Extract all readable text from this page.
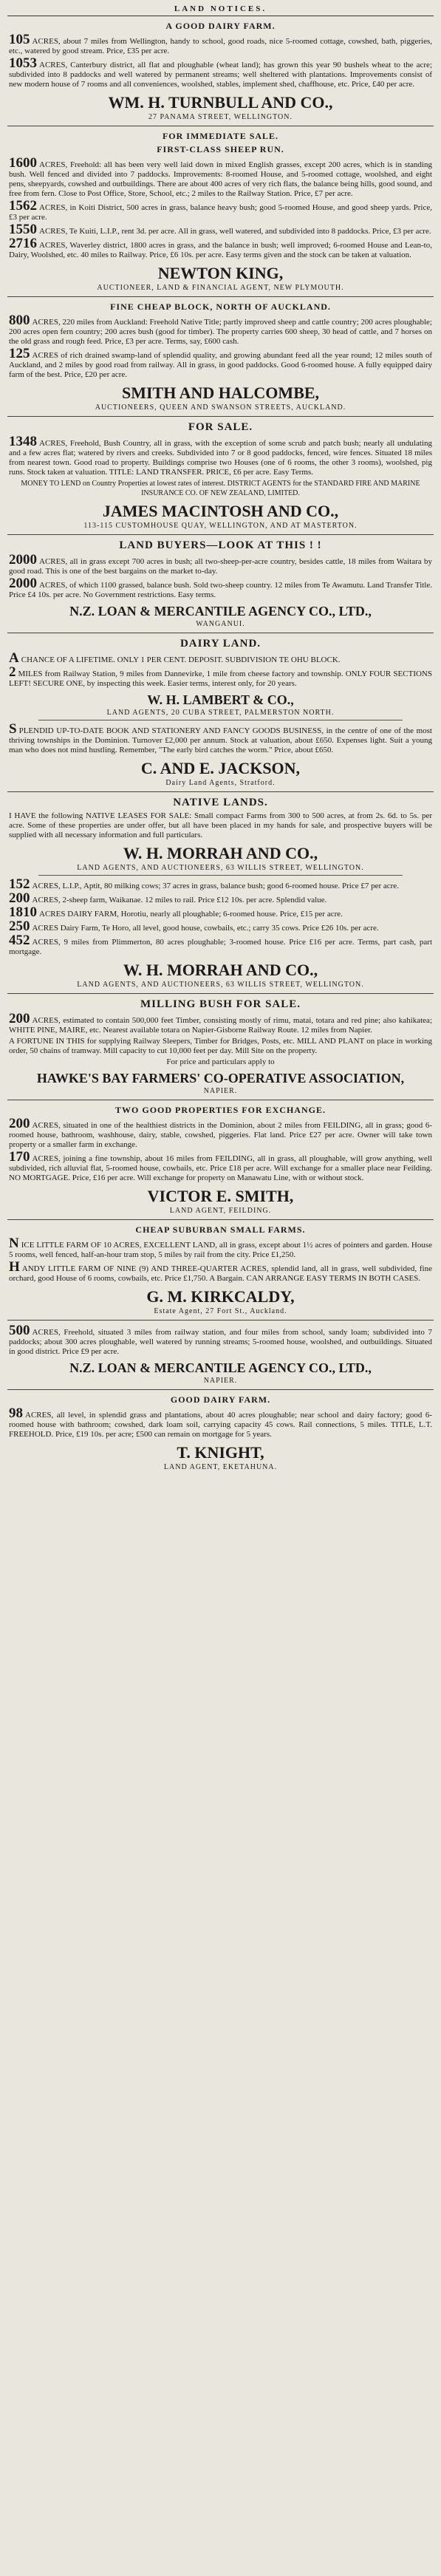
LAND NOTICES.
A GOOD DAIRY FARM.
105 ACRES, about 7 miles from Wellington, handy to school, good roads, nice 5-roomed cottage, cowshed, bath, piggeries, etc., watered by good stream. Price, £35 per acre.
1053 ACRES, Canterbury district, all flat and ploughable (wheat land); has grown this year 90 bushels wheat to the acre; subdivided into 8 paddocks and well watered by permanent streams; well sheltered with plantations. Improvements consist of new modern house of 7 rooms and all conveniences, woolshed, stables, implement shed, chaffhouse, etc. Price, £40 per acre.
WM. H. TURNBULL AND CO.,
27 PANAMA STREET, WELLINGTON.
FOR IMMEDIATE SALE.
FIRST-CLASS SHEEP RUN.
1600 ACRES, Freehold: all has been very well laid down in mixed English grasses, except 200 acres, which is in standing bush. Well fenced and divided into 7 paddocks. Improvements: 8-roomed House, and 5-roomed cottage, woolshed, and eight pens, sheepyards, cowshed and outbuildings. There are about 400 acres of very rich flats, the balance being hills, good sound, and free from fern. Close to Post Office, Store, School, etc.; 2 miles to the Railway Station. Price, £7 per acre.
1562 ACRES, in Koiti District, 500 acres in grass, balance heavy bush; good 5-roomed House, and good sheep yards. Price, £3 per acre.
1550 ACRES, Te Kuiti, L.I.P., rent 3d. per acre. All in grass, well watered, and subdivided into 8 paddocks. Price, £3 per acre.
2716 ACRES, Waverley district, 1800 acres in grass, and the balance in bush; well improved; 6-roomed House and Lean-to, Dairy, Woolshed, etc. 40 miles to Railway. Price, £6 10s. per acre. Easy terms given and the stock can be taken at valuation.
NEWTON KING,
AUCTIONEER, LAND & FINANCIAL AGENT, NEW PLYMOUTH.
FINE CHEAP BLOCK, NORTH OF AUCKLAND.
800 ACRES, 220 miles from Auckland: Freehold Native Title; partly improved sheep and cattle country; 200 acres ploughable; 200 acres open fern country; 200 acres bush (good for timber). The property carries 600 sheep, 30 head of cattle, and 7 horses on the old grass and rough feed. Price, £3 per acre. Terms, say, £600 cash.
125 ACRES of rich drained swamp-land of splendid quality, and growing abundant feed all the year round; 12 miles south of Auckland, and 2 miles by good road from railway. All in grass, in good paddocks. Good 6-roomed house. A fully equipped dairy farm of the best. Price, £20 per acre.
SMITH AND HALCOMBE,
AUCTIONEERS, QUEEN AND SWANSON STREETS, AUCKLAND.
FOR SALE.
1348 ACRES, Freehold, Bush Country, all in grass, with the exception of some scrub and patch bush; nearly all undulating and a few acres flat; watered by rivers and creeks. Subdivided into 7 or 8 good paddocks, fenced, wire fences. Situated 18 miles from nearest town. Good road to property. Buildings comprise two Houses (one of 6 rooms, the other 3 rooms), woolshed, pig runs. Stock taken at valuation. TITLE: LAND TRANSFER. PRICE, £6 per acre. Easy Terms.
MONEY TO LEND on Country Properties at lowest rates of interest. DISTRICT AGENTS for the STANDARD FIRE AND MARINE INSURANCE CO. OF NEW ZEALAND, LIMITED.
JAMES MACINTOSH AND CO.,
113-115 CUSTOMHOUSE QUAY, WELLINGTON, AND AT MASTERTON.
LAND BUYERS—LOOK AT THIS ! !
2000 ACRES, all in grass except 700 acres in bush; all two-sheep-per-acre country, besides cattle, 18 miles from Waitara by good road. This is one of the best bargains on the market to-day.
2000 ACRES, of which 1100 grassed, balance bush. Sold two-sheep country. 12 miles from Te Awamutu. Land Transfer Title. Price £4 10s. per acre. No Government restrictions. Easy terms.
N.Z. LOAN & MERCANTILE AGENCY CO., LTD.,
WANGANUI.
DAIRY LAND.
ACHANCE OF A LIFETIME. ONLY 1 PER CENT. DEPOSIT. SUBDIVISION TE OHU BLOCK.
2 MILES from Railway Station, 9 miles from Dannevirke, 1 mile from cheese factory and township. ONLY FOUR SECTIONS LEFT! SECURE ONE, by inspecting this week. Easier terms, interest only, for 20 years.
W. H. LAMBERT & CO.,
LAND AGENTS, 20 CUBA STREET, PALMERSTON NORTH.
SPLENDID UP-TO-DATE BOOK AND STATIONERY AND FANCY GOODS BUSINESS, in the centre of one of the most thriving townships in the Dominion. Turnover £2,000 per annum. Stock at valuation, about £650. Expenses light. Suit a young man who does not mind hustling. Remember, "The early bird catches the worm." Price, about £650.
C. AND E. JACKSON,
Dairy Land Agents, Stratford.
NATIVE LANDS.
I HAVE the following NATIVE LEASES FOR SALE: Small compact Farms from 300 to 500 acres, at from 2s. 6d. to 5s. per acre. Some of these properties are under offer, but all have been placed in my hands for sale, and prospective buyers will be supplied with all necessary information and full particulars.
W. H. MORRAH AND CO.,
LAND AGENTS, AND AUCTIONEERS, 63 WILLIS STREET, WELLINGTON.
152 ACRES, L.I.P., Aptit, 80 milking cows; 37 acres in grass, balance bush; good 6-roomed house. Price £7 per acre.
200 ACRES, 2-sheep farm, Waikanae. 12 miles to rail. Price £12 10s. per acre. Splendid value.
1810 ACRES DAIRY FARM, Horotiu, nearly all ploughable; 6-roomed house. Price, £15 per acre.
250 ACRES Dairy Farm, Te Horo, all level, good house, cowbails, etc.; carry 35 cows. Price £26 10s. per acre.
452 ACRES, 9 miles from Plimmerton, 80 acres ploughable; 3-roomed house. Price £16 per acre. Terms, part cash, part mortgage.
W. H. MORRAH AND CO.,
LAND AGENTS, AND AUCTIONEERS, 63 WILLIS STREET, WELLINGTON.
MILLING BUSH FOR SALE.
200 ACRES, estimated to contain 500,000 feet Timber, consisting mostly of rimu, matai, totara and red pine; also kahikatea; WHITE PINE, MAIRE, etc. Nearest available totara on Napier-Gisborne Railway Route. 12 miles from Napier.
A FORTUNE IN THIS for supplying Railway Sleepers, Timber for Bridges, Posts, etc. MILL AND PLANT on place in working order, 50 chains of tramway. Mill capacity to cut 10,000 feet per day. Mill Site on the property.
For price and particulars apply to
HAWKE'S BAY FARMERS' CO-OPERATIVE ASSOCIATION,
NAPIER.
TWO GOOD PROPERTIES FOR EXCHANGE.
200 ACRES, situated in one of the healthiest districts in the Dominion, about 2 miles from FEILDING, all in grass; good 6-roomed house, bathroom, washhouse, dairy, stable, cowshed, piggeries. Flat land. Price £27 per acre. Owner will take town property or a smaller farm in exchange.
170 ACRES, joining a fine township, about 16 miles from FEILDING, all in grass, all ploughable, will grow anything, well subdivided, rich alluvial flat, 5-roomed house, cowbails, etc. Price £18 per acre. Will exchange for a smaller place near Feilding. NO MORTGAGE. Price, £16 per acre. Will exchange for property on Manawatu Line, with or without stock.
VICTOR E. SMITH,
LAND AGENT, FEILDING.
CHEAP SUBURBAN SMALL FARMS.
NICE LITTLE FARM OF 10 ACRES, EXCELLENT LAND, all in grass, except about 1½ acres of pointers and garden. House 5 rooms, well fenced, half-an-hour tram stop, 5 miles by rail from the city. Price £1,250.
HANDY LITTLE FARM OF NINE (9) AND THREE-QUARTER ACRES, splendid land, all in grass, well subdivided, fine orchard, good House of 6 rooms, cowbails, etc. Price £1,750. A Bargain. CAN ARRANGE EASY TERMS IN BOTH CASES.
G. M. KIRKCALDY,
Estate Agent, 27 Fort St., Auckland.
500 ACRES, Freehold, situated 3 miles from railway station, and four miles from school, sandy loam; subdivided into 7 paddocks; about 300 acres ploughable, well watered by running streams; 5-roomed house, woolshed, and outbuildings. Situated in good district. Price £9 per acre.
N.Z. LOAN & MERCANTILE AGENCY CO., LTD.,
NAPIER.
GOOD DAIRY FARM.
98 ACRES, all level, in splendid grass and plantations, about 40 acres ploughable; near school and dairy factory; good 6-roomed house with bathroom; cowshed, dark loam soil, carrying capacity 45 cows. Rail connections, 5 miles. TITLE, L.T. FREEHOLD. Price, £19 10s. per acre; £500 can remain on mortgage for 5 years.
T. KNIGHT,
LAND AGENT, EKETAHUNA.
